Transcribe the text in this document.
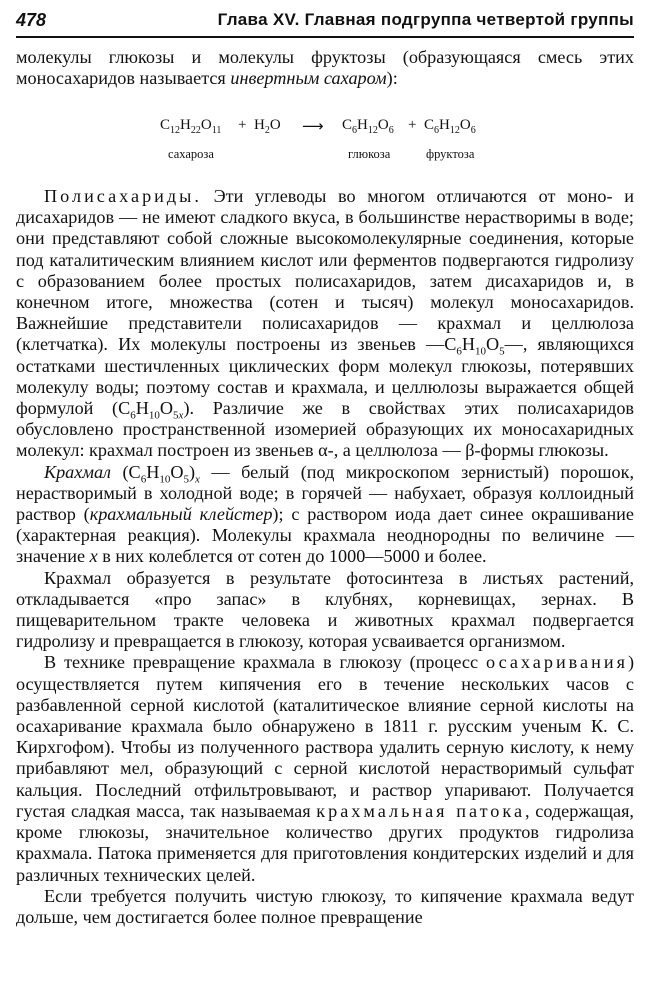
478	Глава XV. Главная подгруппа четвертой группы

молекулы глюкозы и молекулы фруктозы (образующаяся смесь этих моносахаридов называется инвертным сахаром):

$C_{12}H_{22}O_{11} + H_2O$ ⟶ $C_6H_{12}O_6 + C_6H_{12}O_6$
сахароза	глюкоза	фруктоза

Полисахариды. Эти углеводы во многом отличаются от моно- и дисахаридов — не имеют сладкого вкуса, в большинстве нерастворимы в воде; они представляют собой сложные высокомолекулярные соединения, которые под каталитическим влиянием кислот или ферментов подвергаются гидролизу с образованием более простых полисахаридов, затем дисахаридов и, в конечном итоге, множества (сотен и тысяч) молекул моносахаридов. Важнейшие представители полисахаридов — крахмал и целлюлоза (клетчатка). Их молекулы построены из звеньев $—C_6H_{10}O_5—$, являющихся остатками шестичленных циклических форм молекул глюкозы, потерявших молекулу воды; поэтому состав и крахмала, и целлюлозы выражается общей формулой $(C_6H_{10}O_{5x})$. Различие же в свойствах этих полисахаридов обусловлено пространственной изомерией образующих их моносахаридных молекул: крахмал построен из звеньев α-, а целлюлоза — β-формы глюкозы.

Крахмал $(C_6H_{10}O_5)_x$ — белый (под микроскопом зернистый) порошок, нерастворимый в холодной воде; в горячей — набухает, образуя коллоидный раствор (крахмальный клейстер); с раствором иода дает синее окрашивание (характерная реакция). Молекулы крахмала неоднородны по величине — значение x в них колеблется от сотен до 1000—5000 и более.

Крахмал образуется в результате фотосинтеза в листьях растений, откладывается «про запас» в клубнях, корневищах, зернах. В пищеварительном тракте человека и животных крахмал подвергается гидролизу и превращается в глюкозу, которая усваивается организмом.

В технике превращение крахмала в глюкозу (процесс осахаривания) осуществляется путем кипячения его в течение нескольких часов с разбавленной серной кислотой (каталитическое влияние серной кислоты на осахаривание крахмала было обнаружено в 1811 г. русским ученым К. С. Кирхгофом). Чтобы из полученного раствора удалить серную кислоту, к нему прибавляют мел, образующий с серной кислотой нерастворимый сульфат кальция. Последний отфильтровывают, и раствор упаривают. Получается густая сладкая масса, так называемая крахмальная патока, содержащая, кроме глюкозы, значительное количество других продуктов гидролиза крахмала. Патока применяется для приготовления кондитерских изделий и для различных технических целей.

Если требуется получить чистую глюкозу, то кипячение крахмала ведут дольше, чем достигается более полное превращение
